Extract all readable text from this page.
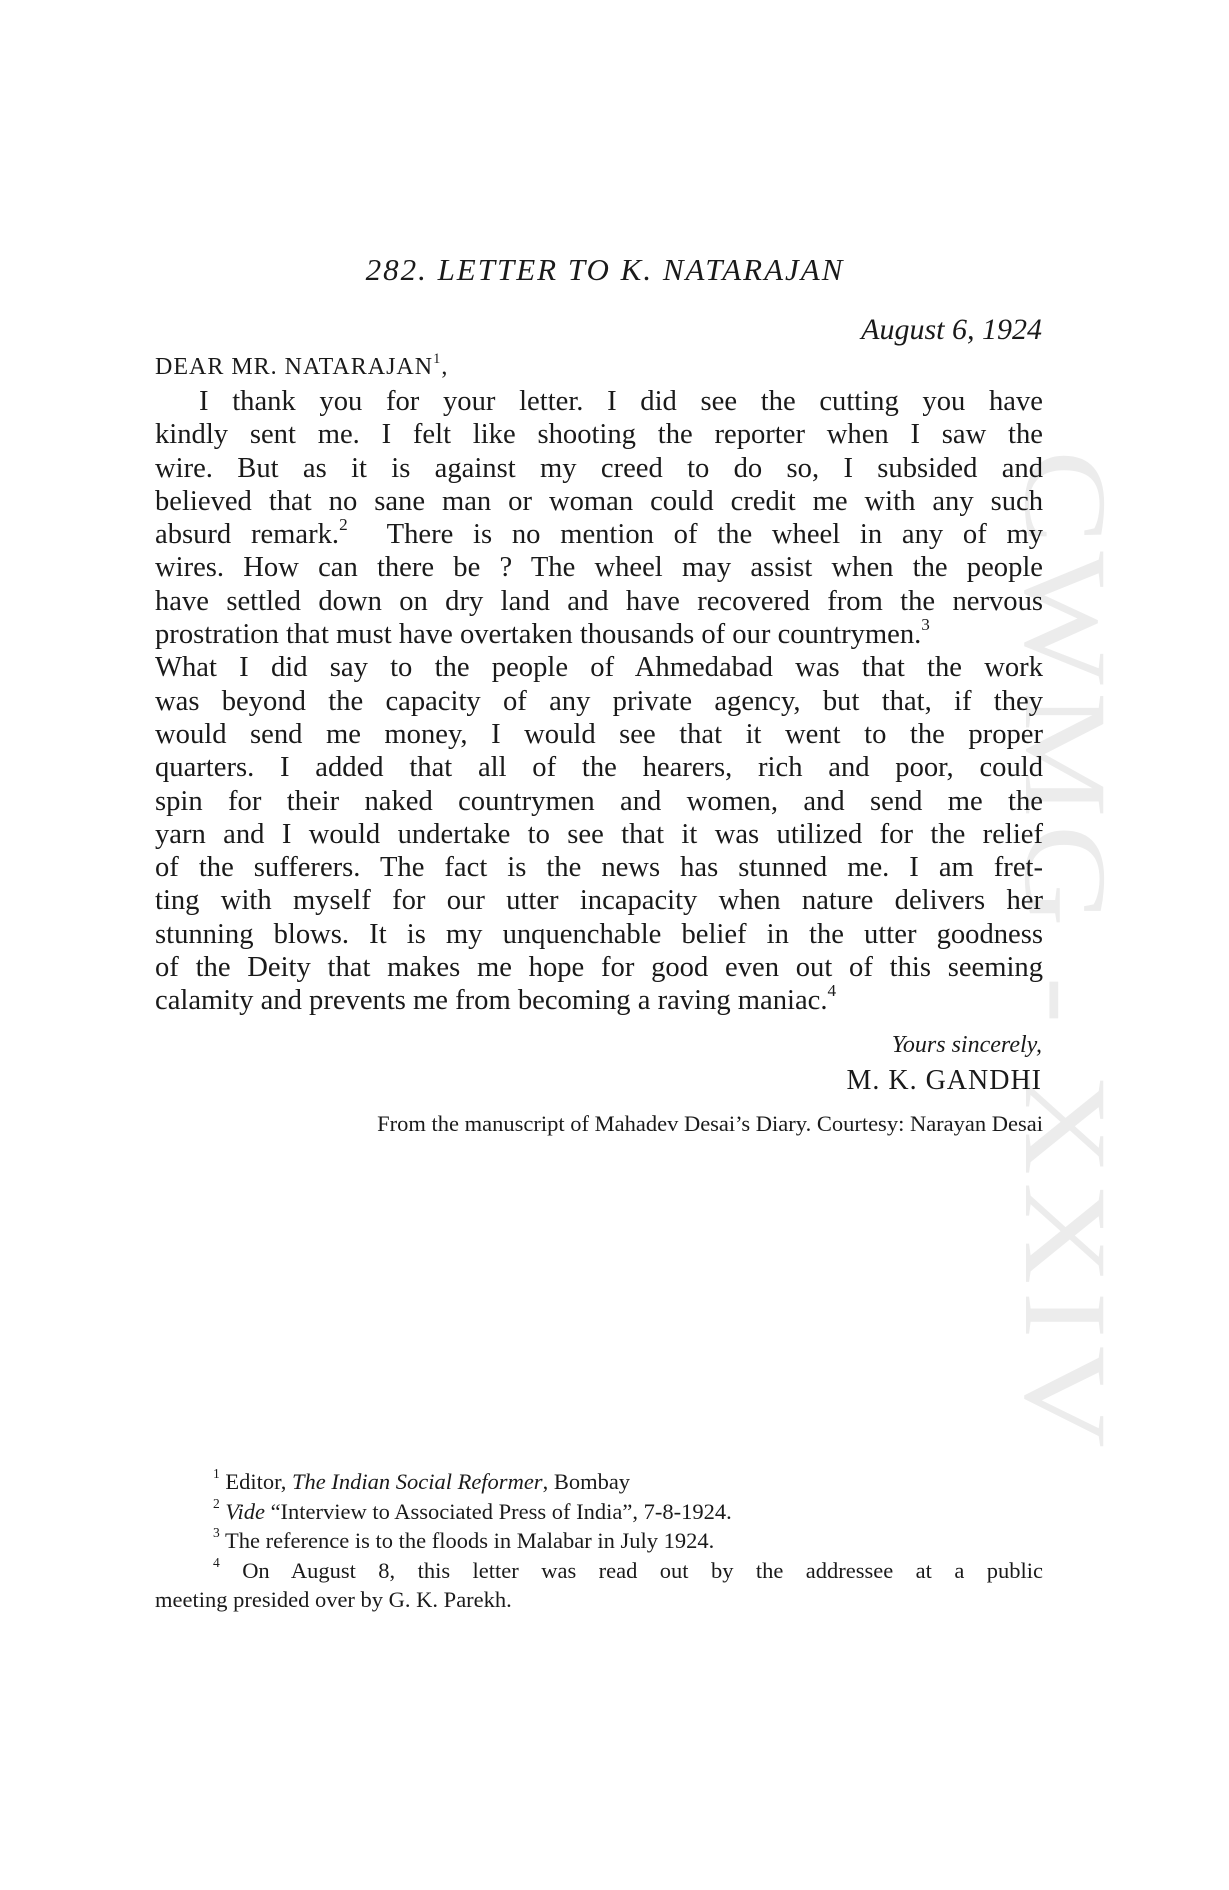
CWMG - XXIV
282. LETTER TO K. NATARAJAN
August 6, 1924
DEAR MR. NATARAJAN$^1$,
I thank you for your letter. I did see the cutting you have
kindly sent me. I felt like shooting the reporter when I saw the
wire. But as it is against my creed to do so, I subsided and
believed that no sane man or woman could credit me with any such
absurd remark.$^2$ There is no mention of the wheel in any of my
wires. How can there be ? The wheel may assist when the people
have settled down on dry land and have recovered from the nervous
prostration that must have overtaken thousands of our countrymen.$^3$
What I did say to the people of Ahmedabad was that the work
was beyond the capacity of any private agency, but that, if they
would send me money, I would see that it went to the proper
quarters. I added that all of the hearers, rich and poor, could
spin for their naked countrymen and women, and send me the
yarn and I would undertake to see that it was utilized for the relief
of the sufferers. The fact is the news has stunned me. I am fret-
ting with myself for our utter incapacity when nature delivers her
stunning blows. It is my unquenchable belief in the utter goodness
of the Deity that makes me hope for good even out of this seeming
calamity and prevents me from becoming a raving maniac.$^4$
Yours sincerely,
M. K. GANDHI
From the manuscript of Mahadev Desai’s Diary. Courtesy: Narayan Desai
$^1$ Editor, The Indian Social Reformer, Bombay
$^2$ Vide “Interview to Associated Press of India”, 7-8-1924.
$^3$ The reference is to the floods in Malabar in July 1924.
$^4$ On August 8, this letter was read out by the addressee at a public
meeting presided over by G. K. Parekh.
